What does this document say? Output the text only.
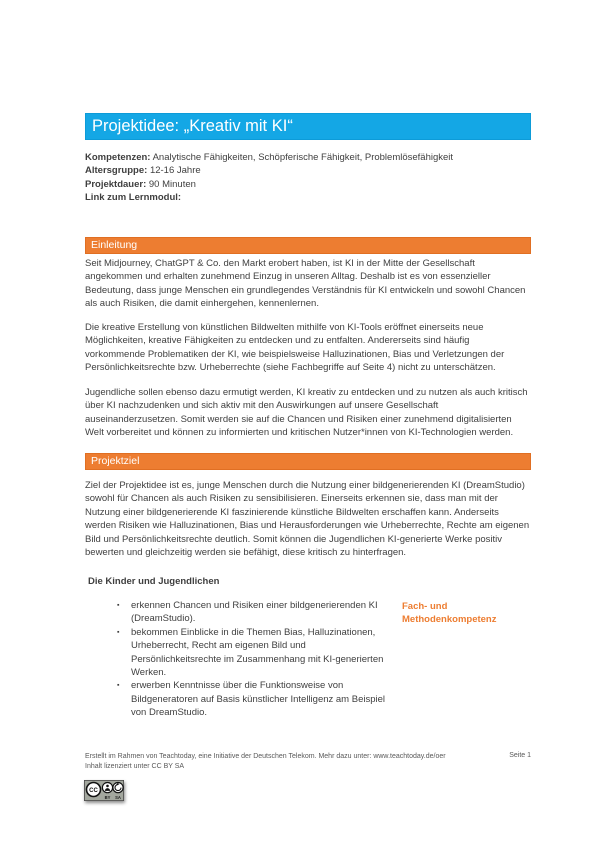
Projektidee: „Kreativ mit KI“
Kompetenzen: Analytische Fähigkeiten, Schöpferische Fähigkeit, Problemlösefähigkeit
Altersgruppe: 12-16 Jahre
Projektdauer: 90 Minuten
Link zum Lernmodul:
Einleitung
Seit Midjourney, ChatGPT & Co. den Markt erobert haben, ist KI in der Mitte der Gesellschaft angekommen und erhalten zunehmend Einzug in unseren Alltag. Deshalb ist es von essenzieller Bedeutung, dass junge Menschen ein grundlegendes Verständnis für KI entwickeln und sowohl Chancen als auch Risiken, die damit einhergehen, kennenlernen.
Die kreative Erstellung von künstlichen Bildwelten mithilfe von KI-Tools eröffnet einerseits neue Möglichkeiten, kreative Fähigkeiten zu entdecken und zu entfalten. Andererseits sind häufig vorkommende Problematiken der KI, wie beispielsweise Halluzinationen, Bias und Verletzungen der Persönlichkeitsrechte bzw. Urheberrechte (siehe Fachbegriffe auf Seite 4) nicht zu unterschätzen.
Jugendliche sollen ebenso dazu ermutigt werden, KI kreativ zu entdecken und zu nutzen als auch kritisch über KI nachzudenken und sich aktiv mit den Auswirkungen auf unsere Gesellschaft auseinanderzusetzen. Somit werden sie auf die Chancen und Risiken einer zunehmend digitalisierten Welt vorbereitet und können zu informierten und kritischen Nutzer*innen von KI-Technologien werden.
Projektziel
Ziel der Projektidee ist es, junge Menschen durch die Nutzung einer bildgenerierenden KI (DreamStudio) sowohl für Chancen als auch Risiken zu sensibilisieren. Einerseits erkennen sie, dass man mit der Nutzung einer bildgenerierende KI faszinierende künstliche Bildwelten erschaffen kann. Anderseits werden Risiken wie Halluzinationen, Bias und Herausforderungen wie Urheberrechte, Rechte am eigenen Bild und Persönlichkeitsrechte deutlich. Somit können die Jugendlichen KI-generierte Werke positiv bewerten und gleichzeitig werden sie befähigt, diese kritisch zu hinterfragen.
Die Kinder und Jugendlichen
▪	erkennen Chancen und Risiken einer bildgenerierenden KI (DreamStudio).
▪	bekommen Einblicke in die Themen Bias, Halluzinationen, Urheberrecht, Recht am eigenen Bild und Persönlichkeitsrechte im Zusammenhang mit KI-generierten Werken.
▪	erwerben Kenntnisse über die Funktionsweise von Bildgeneratoren auf Basis künstlicher Intelligenz am Beispiel von DreamStudio.
Fach- und Methodenkompetenz
Erstellt im Rahmen von Teachtoday, eine Initiative der Deutschen Telekom. Mehr dazu unter: www.teachtoday.de/oer
Inhalt lizenziert unter CC BY SA
Seite 1
CC
BY SA
